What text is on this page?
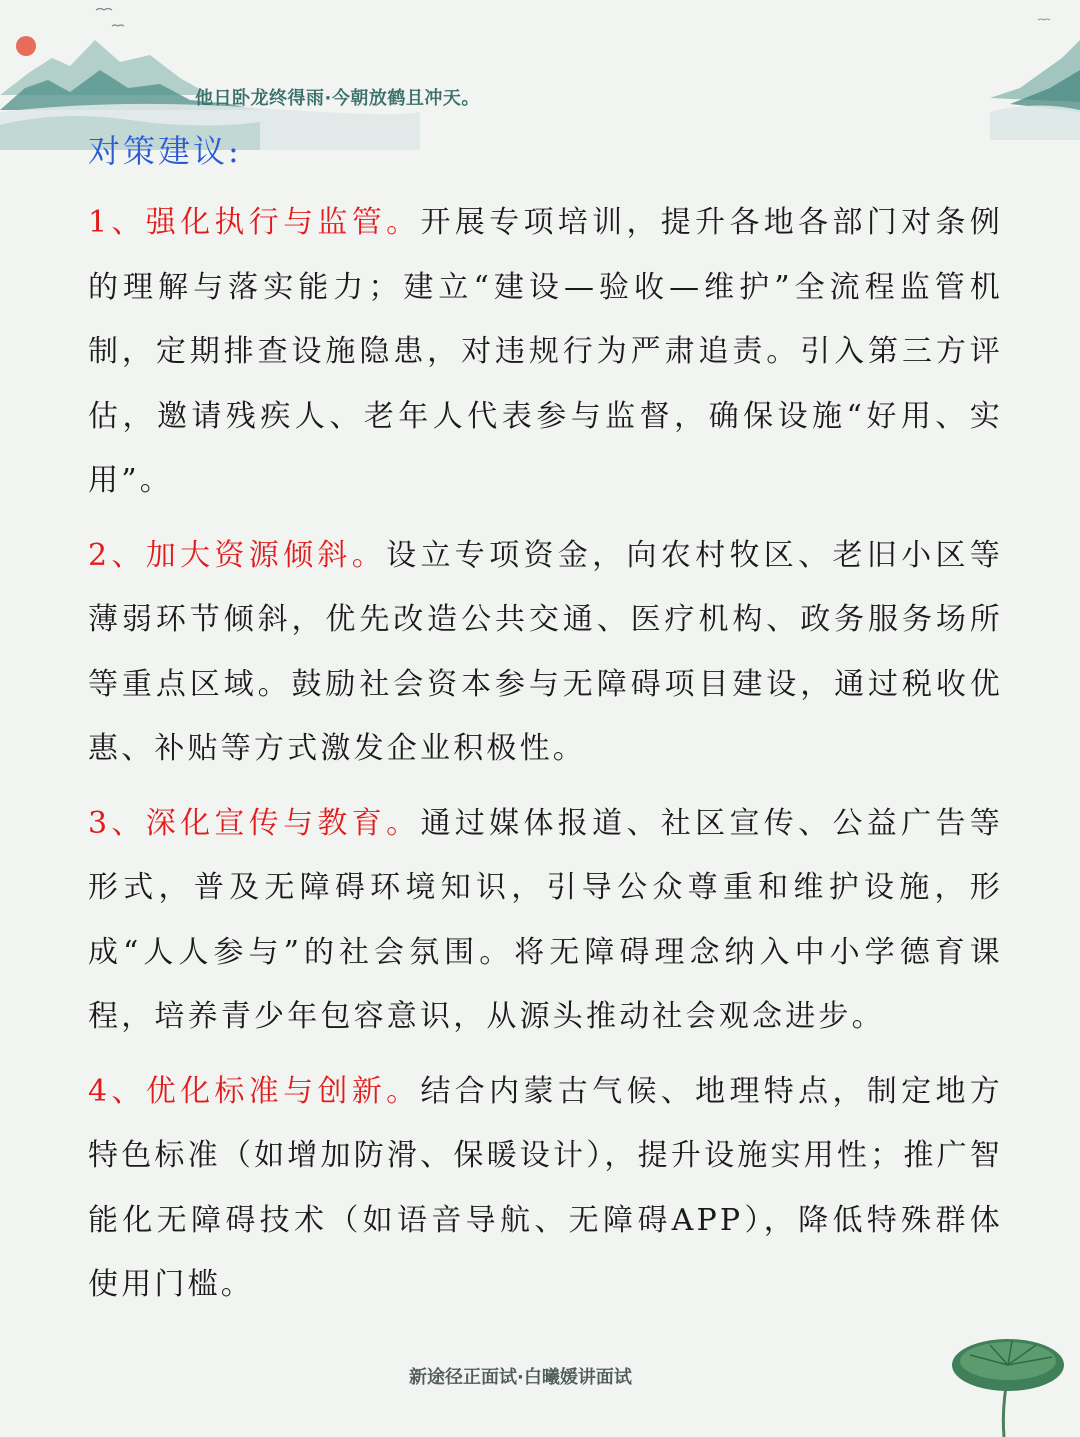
他日卧龙终得雨·今朝放鹤且冲天。
对策建议:

1、强化执行与监管。开展专项培训，提升各地各部门对条例的理解与落实能力；建立“建设—验收—维护”全流程监管机制，定期排查设施隐患，对违规行为严肃追责。引入第三方评估，邀请残疾人、老年人代表参与监督，确保设施“好用、实用”。

2、加大资源倾斜。设立专项资金，向农村牧区、老旧小区等薄弱环节倾斜，优先改造公共交通、医疗机构、政务服务场所等重点区域。鼓励社会资本参与无障碍项目建设，通过税收优惠、补贴等方式激发企业积极性。

3、深化宣传与教育。通过媒体报道、社区宣传、公益广告等形式，普及无障碍环境知识，引导公众尊重和维护设施，形成“人人参与”的社会氛围。将无障碍理念纳入中小学德育课程，培养青少年包容意识，从源头推动社会观念进步。

4、优化标准与创新。结合内蒙古气候、地理特点，制定地方特色标准（如增加防滑、保暖设计），提升设施实用性；推广智能化无障碍技术（如语音导航、无障碍APP），降低特殊群体使用门槛。

新途径正面试·白曦媛讲面试
